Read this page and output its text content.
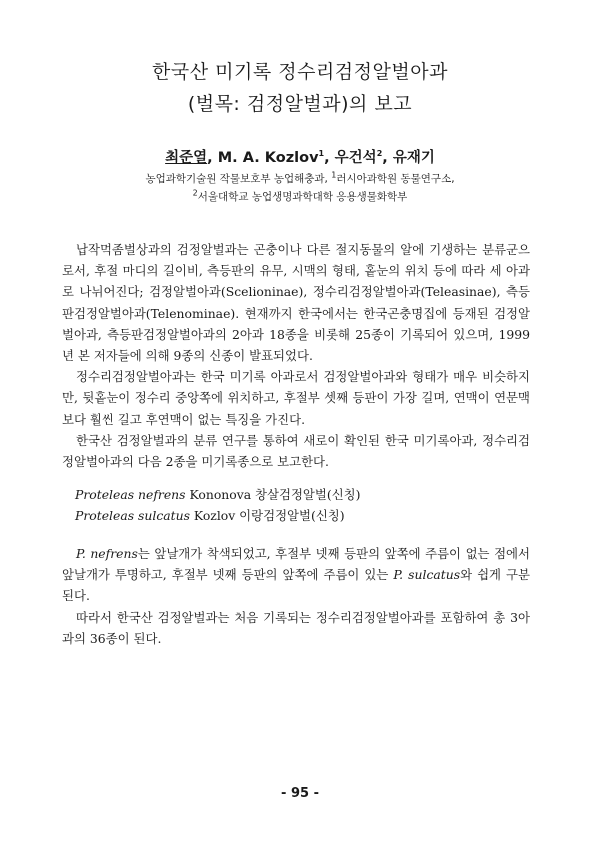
한국산 미기록 정수리검정알벌아과
(벌목: 검정알벌과)의 보고
최준열, M. A. Kozlov$^1$, 우건석$^2$, 유재기
농업과학기술원 작물보호부 농업해충과, $^1$러시아과학원 동물연구소,
$^2$서울대학교 농업생명과학대학 응용생물화학부

납작먹좀벌상과의 검정알벌과는 곤충이나 다른 절지동물의 알에 기생하는 분류군으로서, 후절 마디의 길이비, 측등판의 유무, 시맥의 형태, 홑눈의 위치 등에 따라 세 아과로 나뉘어진다; 검정알벌아과(Scelioninae), 정수리검정알벌아과(Teleasinae), 측등판검정알벌아과(Telenominae). 현재까지 한국에서는 한국곤충명집에 등재된 검정알벌아과, 측등판검정알벌아과의 2아과 18종을 비롯해 25종이 기록되어 있으며, 1999년 본 저자들에 의해 9종의 신종이 발표되었다.

정수리검정알벌아과는 한국 미기록 아과로서 검정알벌아과와 형태가 매우 비슷하지만, 뒷홑눈이 정수리 중앙쪽에 위치하고, 후절부 셋째 등판이 가장 길며, 연맥이 연문맥보다 훨씬 길고 후연맥이 없는 특징을 가진다.

한국산 검정알벌과의 분류 연구를 통하여 새로이 확인된 한국 미기록아과, 정수리검정알벌아과의 다음 2종을 미기록종으로 보고한다.

Proteleas nefrens Kononova 창살검정알벌(신칭)

Proteleas sulcatus Kozlov 이랑검정알벌(신칭)

P. nefrens는 앞날개가 착색되었고, 후절부 넷째 등판의 앞쪽에 주름이 없는 점에서 앞날개가 투명하고, 후절부 넷째 등판의 앞쪽에 주름이 있는 P. sulcatus와 쉽게 구분된다.

따라서 한국산 검정알벌과는 처음 기록되는 정수리검정알벌아과를 포함하여 총 3아과의 36종이 된다.

- 95 -
